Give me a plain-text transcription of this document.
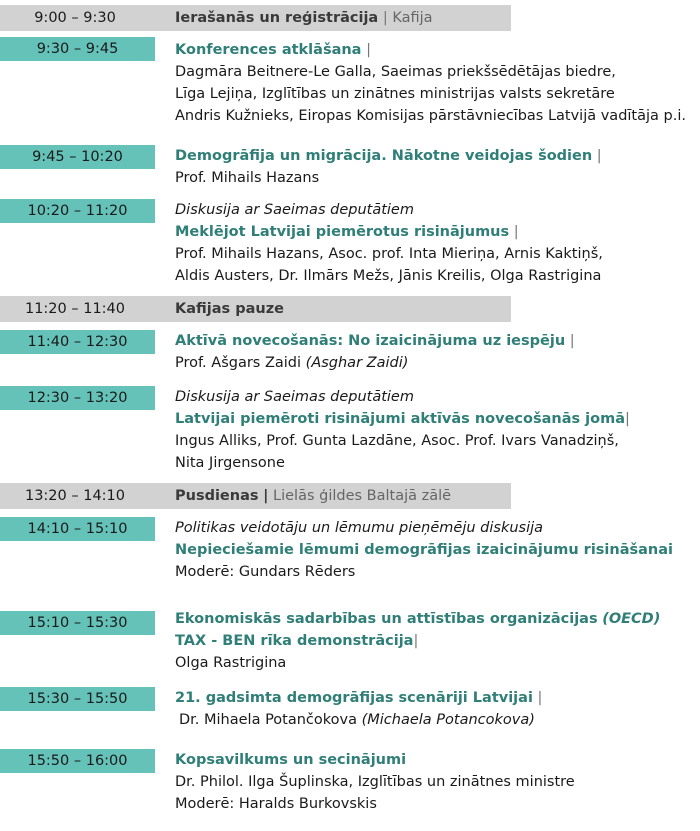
9:00 – 9:30	Ierašanās un reģistrācija | Kafija
9:30 – 9:45	Konferences atklāšana |
Dagmāra Beitnere-Le Galla, Saeimas priekšsēdētājas biedre,
Līga Lejiņa, Izglītības un zinātnes ministrijas valsts sekretāre
Andris Kužnieks, Eiropas Komisijas pārstāvniecības Latvijā vadītāja p.i.
9:45 – 10:20	Demogrāfija un migrācija. Nākotne veidojas šodien |
Prof. Mihails Hazans
10:20 – 11:20	Diskusija ar Saeimas deputātiem
Meklējot Latvijai piemērotus risinājumus |
Prof. Mihails Hazans, Asoc. prof. Inta Mieriņa, Arnis Kaktiņš,
Aldis Austers, Dr. Ilmārs Mežs, Jānis Kreilis, Olga Rastrigina
11:20 – 11:40	Kafijas pauze
11:40 – 12:30	Aktīvā novecošanās: No izaicinājuma uz iespēju |
Prof. Ašgars Zaidi (Asghar Zaidi)
12:30 – 13:20	Diskusija ar Saeimas deputātiem
Latvijai piemēroti risinājumi aktīvās novecošanās jomā|
Ingus Alliks, Prof. Gunta Lazdāne, Asoc. Prof. Ivars Vanadziņš,
Nita Jirgensone
13:20 – 14:10	Pusdienas | Lielās ģildes Baltajā zālē
14:10 – 15:10	Politikas veidotāju un lēmumu pieņēmēju diskusija
Nepieciešamie lēmumi demogrāfijas izaicinājumu risināšanai
Moderē: Gundars Rēders
15:10 – 15:30	Ekonomiskās sadarbības un attīstības organizācijas (OECD)
TAX - BEN rīka demonstrācija|
Olga Rastrigina
15:30 – 15:50	21. gadsimta demogrāfijas scenāriji Latvijai |
Dr. Mihaela Potančokova (Michaela Potancokova)
15:50 – 16:00	Kopsavilkums un secinājumi
Dr. Philol. Ilga Šuplinska, Izglītības un zinātnes ministre
Moderē: Haralds Burkovskis
